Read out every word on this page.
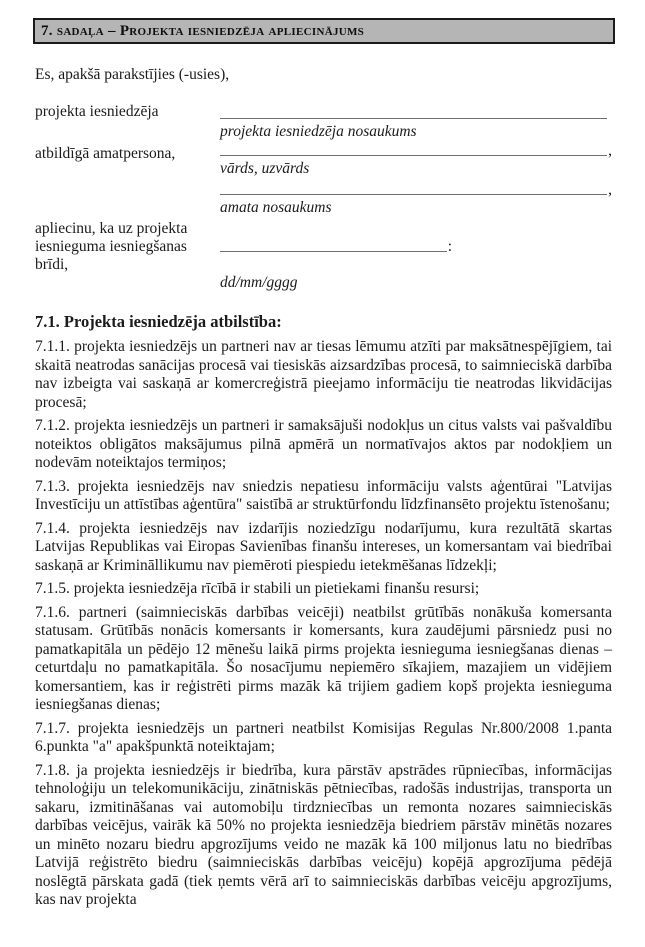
7. sadaļa – Projekta iesniedzēja apliecinājums
Es, apakšā parakstījies (-usies),
projekta iesniedzēja
atbildīgā amatpersona,
projekta iesniedzēja nosaukums
,
vārds, uzvārds
,
amata nosaukums
apliecinu, ka uz projekta
iesnieguma iesniegšanas
brīdi,
:
dd/mm/gggg
7.1. Projekta iesniedzēja atbilstība:

7.1.1. projekta iesniedzējs un partneri nav ar tiesas lēmumu atzīti par maksātnespējīgiem, tai skaitā neatrodas sanācijas procesā vai tiesiskās aizsardzības procesā, to saimnieciskā darbība nav izbeigta vai saskaņā ar komercreģistrā pieejamo informāciju tie neatrodas likvidācijas procesā;

7.1.2. projekta iesniedzējs un partneri ir samaksājuši nodokļus un citus valsts vai pašvaldību noteiktos obligātos maksājumus pilnā apmērā un normatīvajos aktos par nodokļiem un nodevām noteiktajos termiņos;

7.1.3. projekta iesniedzējs nav sniedzis nepatiesu informāciju valsts aģentūrai "Latvijas Investīciju un attīstības aģentūra" saistībā ar struktūrfondu līdzfinansēto projektu īstenošanu;

7.1.4. projekta iesniedzējs nav izdarījis noziedzīgu nodarījumu, kura rezultātā skartas Latvijas Republikas vai Eiropas Savienības finanšu intereses, un komersantam vai biedrībai saskaņā ar Krimināllikumu nav piemēroti piespiedu ietekmēšanas līdzekļi;

7.1.5. projekta iesniedzēja rīcībā ir stabili un pietiekami finanšu resursi;

7.1.6. partneri (saimnieciskās darbības veicēji) neatbilst grūtībās nonākuša komersanta statusam. Grūtībās nonācis komersants ir komersants, kura zaudējumi pārsniedz pusi no pamatkapitāla un pēdējo 12 mēnešu laikā pirms projekta iesnieguma iesniegšanas dienas – ceturtdaļu no pamatkapitāla. Šo nosacījumu nepiemēro sīkajiem, mazajiem un vidējiem komersantiem, kas ir reģistrēti pirms mazāk kā trijiem gadiem kopš projekta iesnieguma iesniegšanas dienas;

7.1.7. projekta iesniedzējs un partneri neatbilst Komisijas Regulas Nr.800/2008 1.panta 6.punkta "a" apakšpunktā noteiktajam;

7.1.8. ja projekta iesniedzējs ir biedrība, kura pārstāv apstrādes rūpniecības, informācijas tehnoloģiju un telekomunikāciju, zinātniskās pētniecības, radošās industrijas, transporta un sakaru, izmitināšanas vai automobiļu tirdzniecības un remonta nozares saimnieciskās darbības veicējus, vairāk kā 50% no projekta iesniedzēja biedriem pārstāv minētās nozares un minēto nozaru biedru apgrozījums veido ne mazāk kā 100 miljonus latu no biedrības Latvijā reģistrēto biedru (saimnieciskās darbības veicēju) kopējā apgrozījuma pēdējā noslēgtā pārskata gadā (tiek ņemts vērā arī to saimnieciskās darbības veicēju apgrozījums, kas nav projekta
